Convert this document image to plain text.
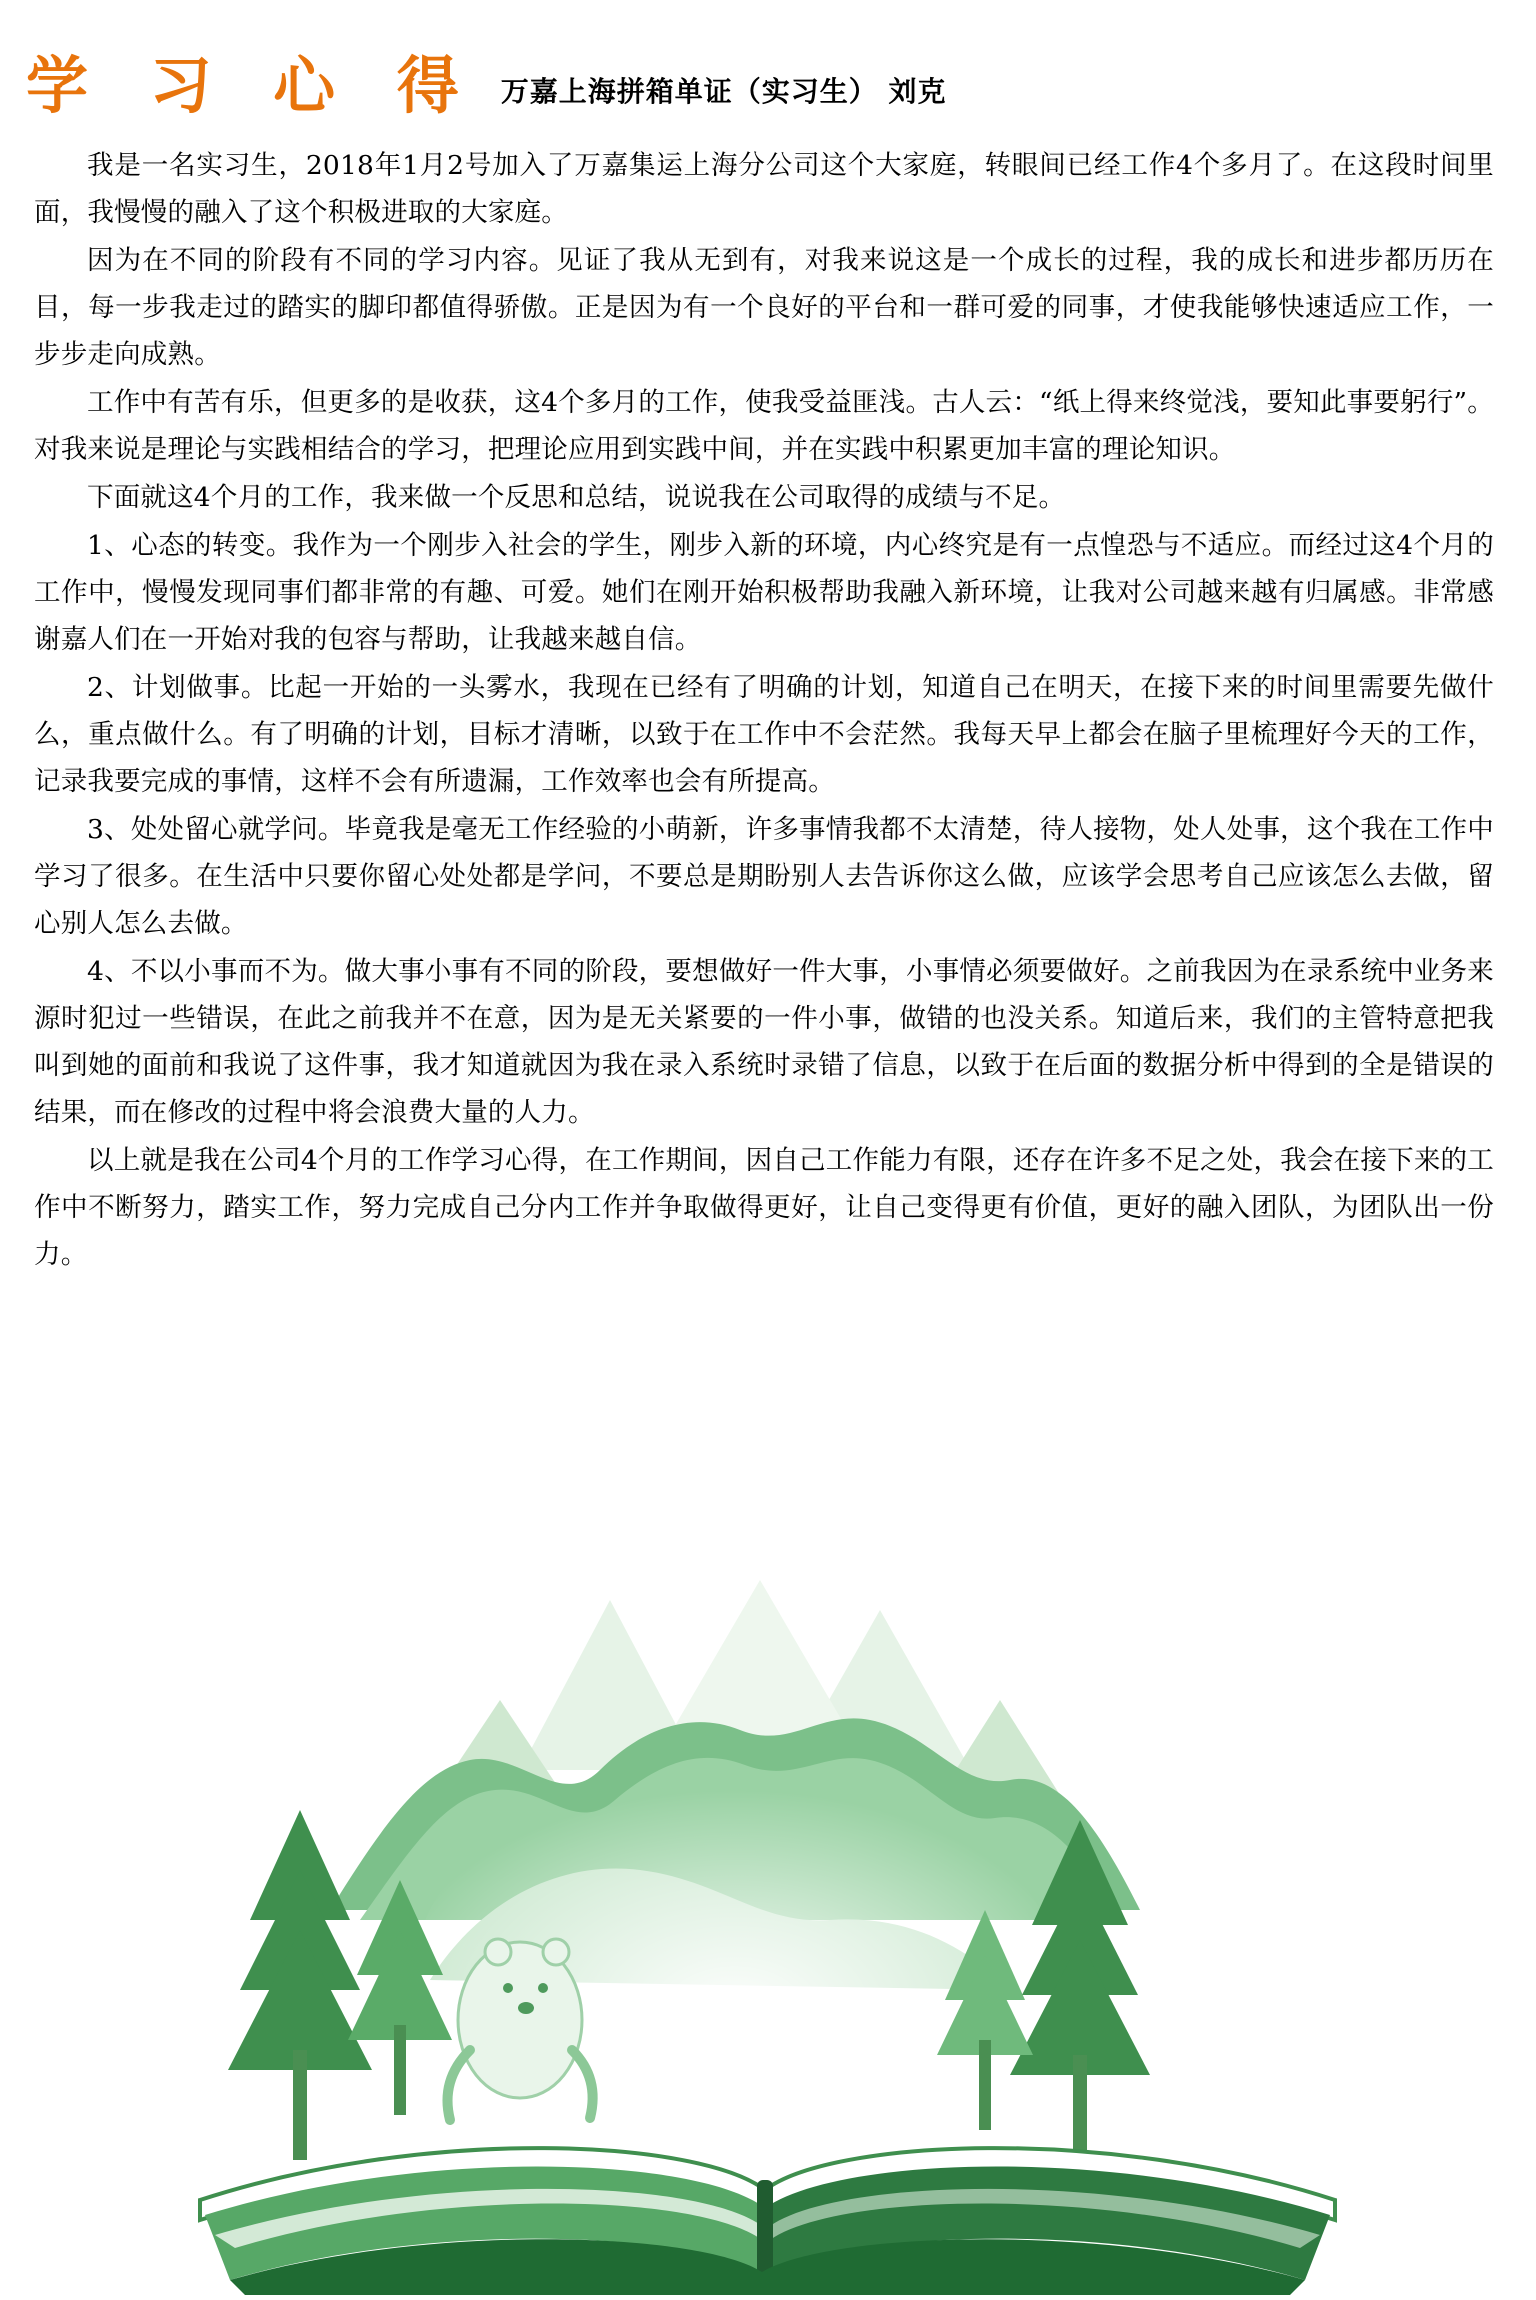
学 习 心 得 万嘉上海拼箱单证（实习生） 刘克

我是一名实习生，2018年1月2号加入了万嘉集运上海分公司这个大家庭，转眼间已经工作4个多月了。在这段时间里面，我慢慢的融入了这个积极进取的大家庭。

因为在不同的阶段有不同的学习内容。见证了我从无到有，对我来说这是一个成长的过程，我的成长和进步都历历在目，每一步我走过的踏实的脚印都值得骄傲。正是因为有一个良好的平台和一群可爱的同事，才使我能够快速适应工作，一步步走向成熟。

工作中有苦有乐，但更多的是收获，这4个多月的工作，使我受益匪浅。古人云：“纸上得来终觉浅，要知此事要躬行”。对我来说是理论与实践相结合的学习，把理论应用到实践中间，并在实践中积累更加丰富的理论知识。

下面就这4个月的工作，我来做一个反思和总结，说说我在公司取得的成绩与不足。

1、心态的转变。我作为一个刚步入社会的学生，刚步入新的环境，内心终究是有一点惶恐与不适应。而经过这4个月的工作中，慢慢发现同事们都非常的有趣、可爱。她们在刚开始积极帮助我融入新环境，让我对公司越来越有归属感。非常感谢嘉人们在一开始对我的包容与帮助，让我越来越自信。

2、计划做事。比起一开始的一头雾水，我现在已经有了明确的计划，知道自己在明天，在接下来的时间里需要先做什么，重点做什么。有了明确的计划，目标才清晰，以致于在工作中不会茫然。我每天早上都会在脑子里梳理好今天的工作，记录我要完成的事情，这样不会有所遗漏，工作效率也会有所提高。

3、处处留心就学问。毕竟我是毫无工作经验的小萌新，许多事情我都不太清楚，待人接物，处人处事，这个我在工作中学习了很多。在生活中只要你留心处处都是学问，不要总是期盼别人去告诉你这么做，应该学会思考自己应该怎么去做，留心别人怎么去做。

4、不以小事而不为。做大事小事有不同的阶段，要想做好一件大事，小事情必须要做好。之前我因为在录系统中业务来源时犯过一些错误，在此之前我并不在意，因为是无关紧要的一件小事，做错的也没关系。知道后来，我们的主管特意把我叫到她的面前和我说了这件事，我才知道就因为我在录入系统时录错了信息，以致于在后面的数据分析中得到的全是错误的结果，而在修改的过程中将会浪费大量的人力。

以上就是我在公司4个月的工作学习心得，在工作期间，因自己工作能力有限，还存在许多不足之处，我会在接下来的工作中不断努力，踏实工作，努力完成自己分内工作并争取做得更好，让自己变得更有价值，更好的融入团队，为团队出一份力。
